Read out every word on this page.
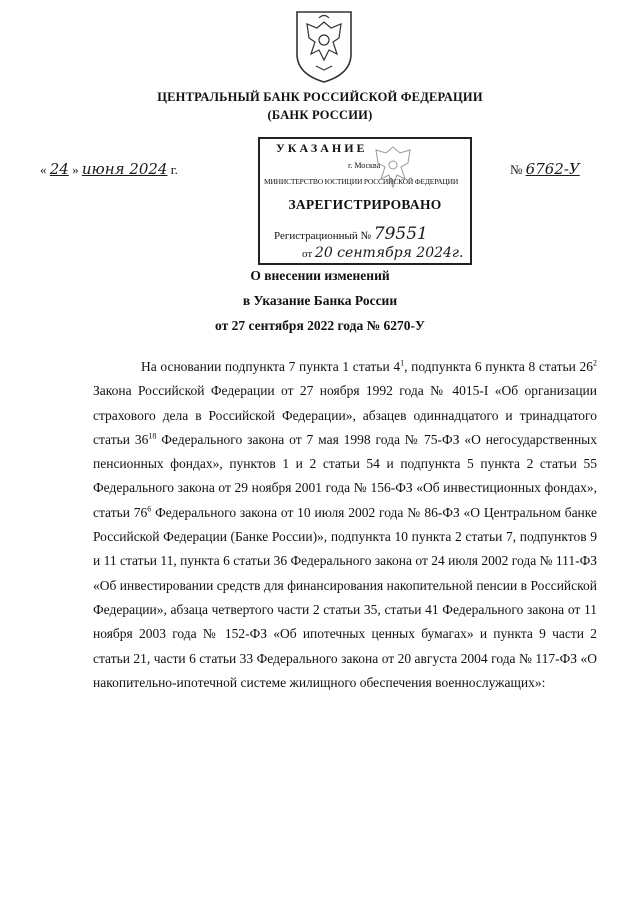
ЦЕНТРАЛЬНЫЙ БАНК РОССИЙСКОЙ ФЕДЕРАЦИИ
(БАНК РОССИИ)
« 24 » июня 2024 г.	№ 6762-У
УКАЗАНИЕ
г. Москва
МИНИСТЕРСТВО ЮСТИЦИИ РОССИЙСКОЙ ФЕДЕРАЦИИ
ЗАРЕГИСТРИРОВАНО
Регистрационный № 79551
от 20 сентября 2024г.
О внесении изменений
в Указание Банка России
от 27 сентября 2022 года № 6270-У
На основании подпункта 7 пункта 1 статьи $4^1$, подпункта 6 пункта 8 статьи $26^2$ Закона Российской Федерации от 27 ноября 1992 года № 4015-I «Об организации страхового дела в Российской Федерации», абзацев одиннадцатого и тринадцатого статьи $36^{18}$ Федерального закона от 7 мая 1998 года № 75-ФЗ «О негосударственных пенсионных фондах», пунктов 1 и 2 статьи 54 и подпункта 5 пункта 2 статьи 55 Федерального закона от 29 ноября 2001 года № 156-ФЗ «Об инвестиционных фондах», статьи $76^6$ Федерального закона от 10 июля 2002 года № 86-ФЗ «О Центральном банке Российской Федерации (Банке России)», подпункта 10 пункта 2 статьи 7, подпунктов 9 и 11 статьи 11, пункта 6 статьи 36 Федерального закона от 24 июля 2002 года № 111-ФЗ «Об инвестировании средств для финансирования накопительной пенсии в Российской Федерации», абзаца четвертого части 2 статьи 35, статьи 41 Федерального закона от 11 ноября 2003 года № 152-ФЗ «Об ипотечных ценных бумагах» и пункта 9 части 2 статьи 21, части 6 статьи 33 Федерального закона от 20 августа 2004 года № 117-ФЗ «О накопительно-ипотечной системе жилищного обеспечения военнослужащих»:
